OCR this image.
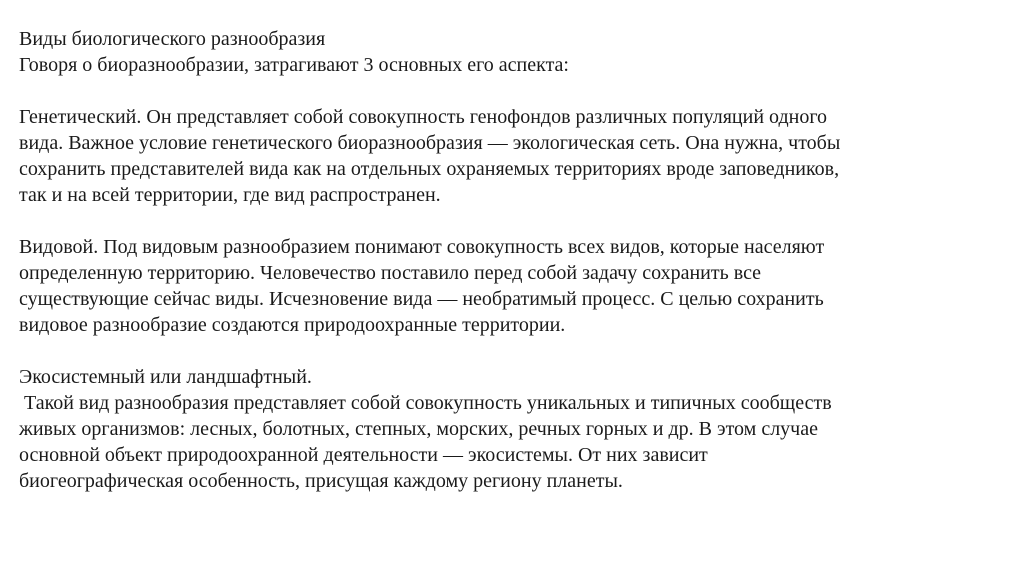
Виды биологического разнообразия
Говоря о биоразнообразии, затрагивают 3 основных его аспекта:
Генетический. Он представляет собой совокупность генофондов различных популяций одного
вида. Важное условие генетического биоразнообразия — экологическая сеть. Она нужна, чтобы
сохранить представителей вида как на отдельных охраняемых территориях вроде заповедников,
так и на всей территории, где вид распространен.
Видовой. Под видовым разнообразием понимают совокупность всех видов, которые населяют
определенную территорию. Человечество поставило перед собой задачу сохранить все
существующие сейчас виды. Исчезновение вида — необратимый процесс. С целью сохранить
видовое разнообразие создаются природоохранные территории.
Экосистемный или ландшафтный.
Такой вид разнообразия представляет собой совокупность уникальных и типичных сообществ
живых организмов: лесных, болотных, степных, морских, речных горных и др. В этом случае
основной объект природоохранной деятельности — экосистемы. От них зависит
биогеографическая особенность, присущая каждому региону планеты.
